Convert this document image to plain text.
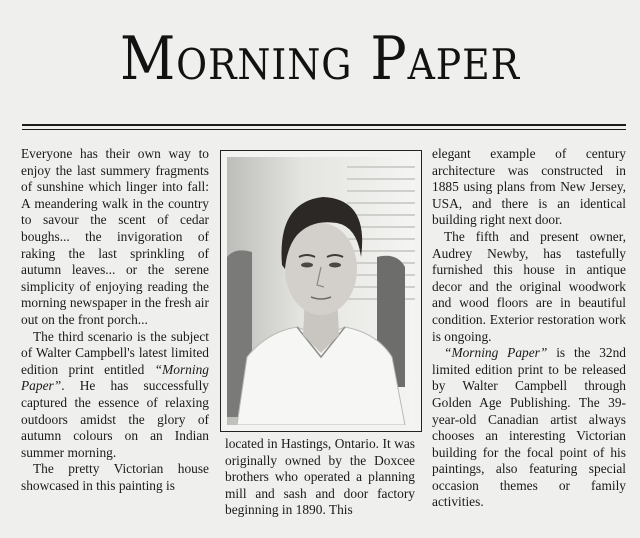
Morning Paper

Everyone has their own way to enjoy the last summery fragments of sunshine which linger into fall: A meandering walk in the country to savour the scent of cedar boughs... the invigoration of raking the last sprinkling of autumn leaves... or the serene simplicity of enjoying reading the morning newspaper in the fresh air out on the front porch...

The third scenario is the subject of Walter Campbell's latest limited edition print entitled “Morning Paper”. He has successfully captured the essence of relaxing outdoors amidst the glory of autumn colours on an Indian summer morning.

The pretty Victorian house showcased in this painting is

located in Hastings, Ontario. It was originally owned by the Doxcee brothers who operated a planning mill and sash and door factory beginning in 1890. This

elegant example of century architecture was constructed in 1885 using plans from New Jersey, USA, and there is an identical building right next door.

The fifth and present owner, Audrey Newby, has tastefully furnished this house in antique decor and the original woodwork and wood floors are in beautiful condition. Exterior restoration work is ongoing.

“Morning Paper” is the 32nd limited edition print to be released by Walter Campbell through Golden Age Publishing. The 39-year-old Canadian artist always chooses an interesting Victorian building for the focal point of his paintings, also featuring special occasion themes or family activities.
